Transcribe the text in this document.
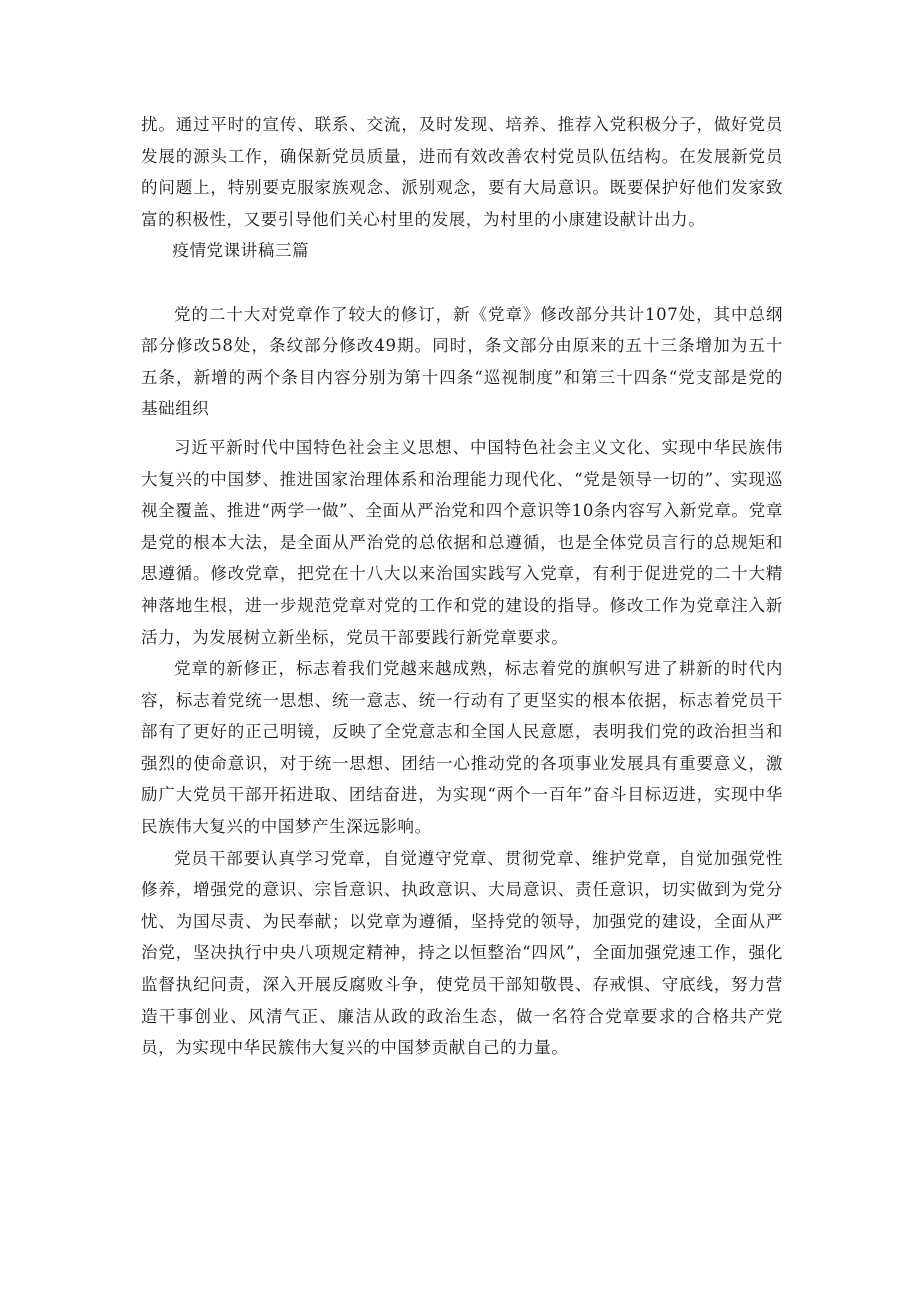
扰。通过平时的宣传、联系、交流，及时发现、培养、推荐入党积极分子，做好党员发展的源头工作，确保新党员质量，进而有效改善农村党员队伍结构。在发展新党员的问题上，特别要克服家族观念、派别观念，要有大局意识。既要保护好他们发家致富的积极性，又要引导他们关心村里的发展，为村里的小康建设献计出力。

疫情党课讲稿三篇

党的二十大对党章作了较大的修订，新《党章》修改部分共计107处，其中总纲部分修改58处，条纹部分修改49期。同时，条文部分由原来的五十三条增加为五十五条，新增的两个条目内容分别为第十四条“巡视制度”和第三十四条“党支部是党的基础组织

习近平新时代中国特色社会主义思想、中国特色社会主义文化、实现中华民族伟大复兴的中国梦、推进国家治理体系和治理能力现代化、“党是领导一切的”、实现巡视全覆盖、推进“两学一做”、全面从严治党和四个意识等10条内容写入新党章。党章是党的根本大法，是全面从严治党的总依据和总遵循，也是全体党员言行的总规矩和思遵循。修改党章，把党在十八大以来治国实践写入党章，有利于促进党的二十大精神落地生根，进一步规范党章对党的工作和党的建设的指导。修改工作为党章注入新活力，为发展树立新坐标，党员干部要践行新党章要求。

党章的新修正，标志着我们党越来越成熟，标志着党的旗帜写进了耕新的时代内容，标志着党统一思想、统一意志、统一行动有了更坚实的根本依据，标志着党员干部有了更好的正己明镜，反映了全党意志和全国人民意愿，表明我们党的政治担当和强烈的使命意识，对于统一思想、团结一心推动党的各项事业发展具有重要意义，激励广大党员干部开拓进取、团结奋进，为实现“两个一百年”奋斗目标迈进，实现中华民族伟大复兴的中国梦产生深远影响。

党员干部要认真学习党章，自觉遵守党章、贯彻党章、维护党章，自觉加强党性修养，增强党的意识、宗旨意识、执政意识、大局意识、责任意识，切实做到为党分忧、为国尽责、为民奉献；以党章为遵循，坚持党的领导，加强党的建设，全面从严治党，坚决执行中央八项规定精神，持之以恒整治“四风”，全面加强党速工作，强化监督执纪问责，深入开展反腐败斗争，使党员干部知敬畏、存戒惧、守底线，努力营造干事创业、风清气正、廉洁从政的政治生态，做一名符合党章要求的合格共产党员，为实现中华民簇伟大复兴的中国梦贡献自己的力量。
